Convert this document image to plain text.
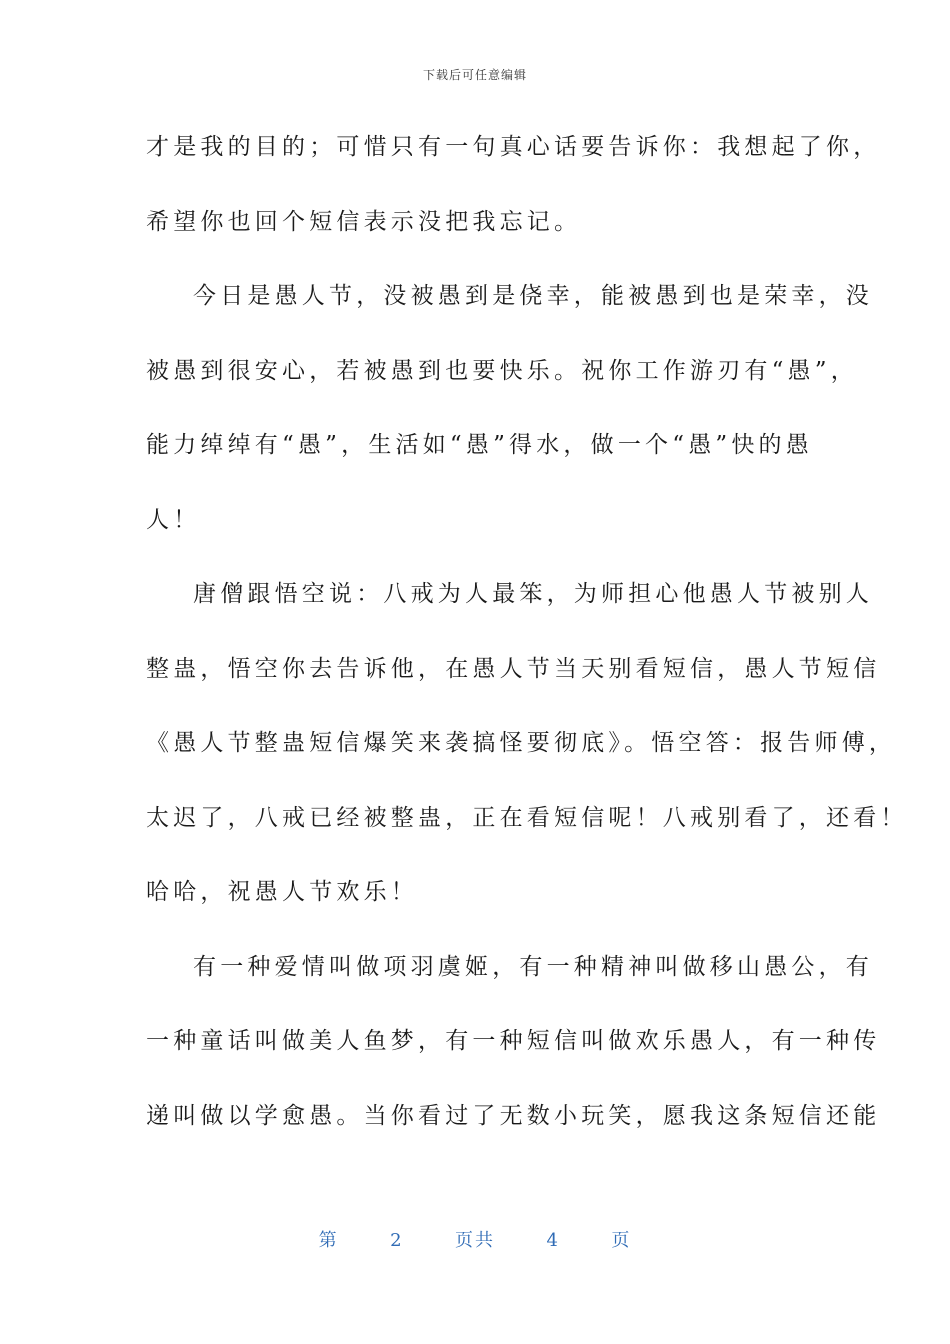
下载后可任意编辑
才是我的目的；可惜只有一句真心话要告诉你：我想起了你，
希望你也回个短信表示没把我忘记。
今日是愚人节，没被愚到是侥幸，能被愚到也是荣幸，没
被愚到很安心，若被愚到也要快乐。祝你工作游刃有“愚”，
能力绰绰有“愚”，生活如“愚”得水，做一个“愚”快的愚
人！
唐僧跟悟空说：八戒为人最笨，为师担心他愚人节被别人
整蛊，悟空你去告诉他，在愚人节当天别看短信，愚人节短信
《愚人节整蛊短信爆笑来袭搞怪要彻底》。悟空答：报告师傅，
太迟了，八戒已经被整蛊，正在看短信呢！八戒别看了，还看！
哈哈，祝愚人节欢乐！
有一种爱情叫做项羽虞姬，有一种精神叫做移山愚公，有
一种童话叫做美人鱼梦，有一种短信叫做欢乐愚人，有一种传
递叫做以学愈愚。当你看过了无数小玩笑，愿我这条短信还能
第	2	页共	4	页
